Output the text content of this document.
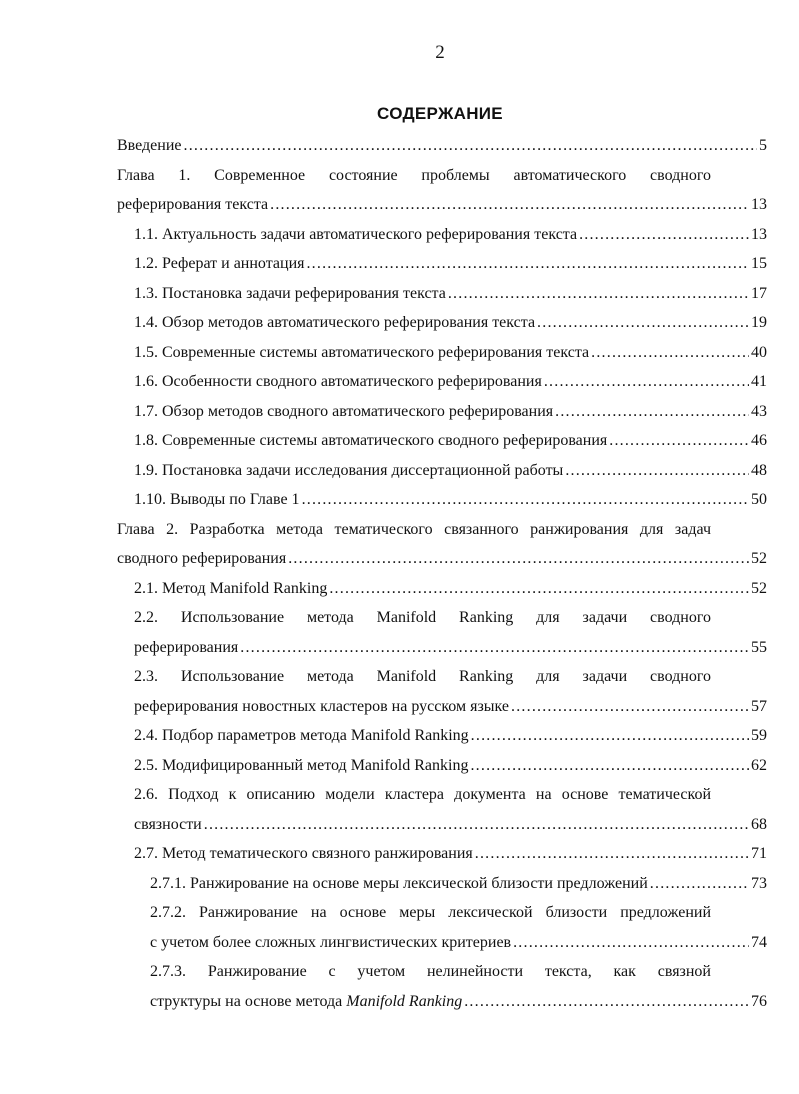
2
СОДЕРЖАНИЕ
Введение .....	5
Глава 1. Современное состояние проблемы автоматического сводного
реферирования текста .....	13
1.1. Актуальность задачи автоматического реферирования текста .....	13
1.2. Реферат и аннотация .....	15
1.3. Постановка задачи реферирования текста .....	17
1.4. Обзор методов автоматического реферирования текста .....	19
1.5. Современные системы автоматического реферирования текста .....	40
1.6. Особенности сводного автоматического реферирования .....	41
1.7. Обзор методов сводного автоматического реферирования .....	43
1.8. Современные системы автоматического сводного реферирования .....	46
1.9. Постановка задачи исследования диссертационной работы .....	48
1.10. Выводы по Главе 1 .....	50
Глава 2. Разработка метода тематического связанного ранжирования для задач
сводного реферирования .....	52
2.1. Метод Manifold Ranking .....	52
2.2. Использование метода Manifold Ranking для задачи сводного
реферирования .....	55
2.3. Использование метода Manifold Ranking для задачи сводного
реферирования новостных кластеров на русском языке .....	57
2.4. Подбор параметров метода Manifold Ranking .....	59
2.5. Модифицированный метод Manifold Ranking .....	62
2.6. Подход к описанию модели кластера документа на основе тематической
связности .....	68
2.7. Метод тематического связного ранжирования .....	71
2.7.1. Ранжирование на основе меры лексической близости предложений .....	73
2.7.2. Ранжирование на основе меры лексической близости предложений
с учетом более сложных лингвистических критериев .....	74
2.7.3. Ранжирование с учетом нелинейности текста, как связной
структуры на основе метода Manifold Ranking .....	76
